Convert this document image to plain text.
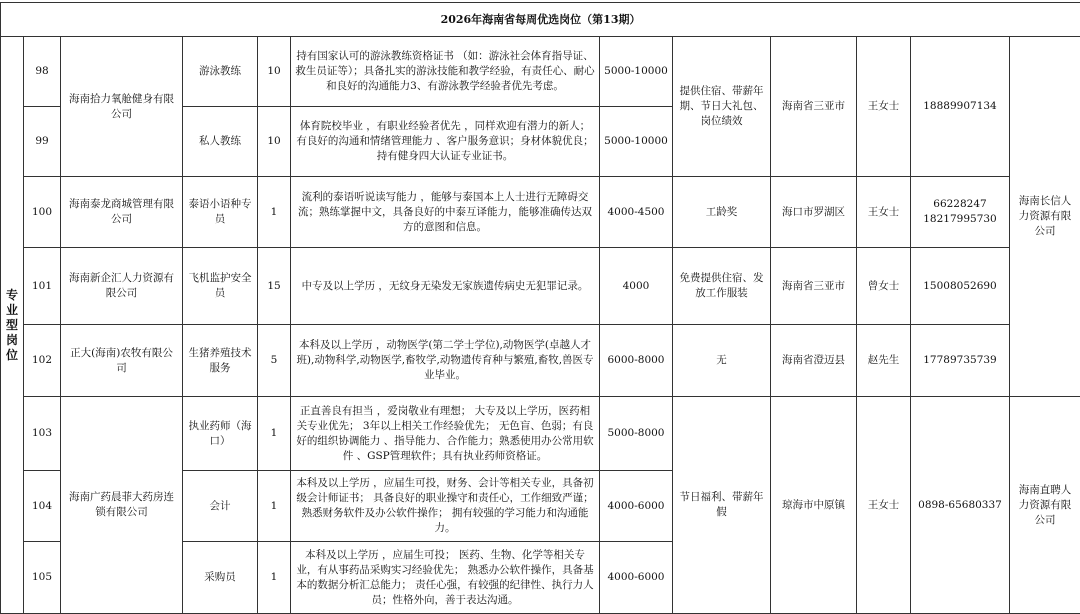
2026年海南省每周优选岗位（第13期）											

专业型岗位	98	海南拾力氧舱健身有限公司	游泳教练	10	持有国家认可的游泳教练资格证书 （如：游泳社会体育指导证、救生员证等）；具备扎实的游泳技能和教学经验，有责任心、耐心和良好的沟通能力3、有游泳教学经验者优先考虑。	5000-10000	提供住宿、带薪年期、节日大礼包、 岗位绩效	海南省三亚市	王女士	18889907134	海南长信人力资源有限公司
	99		私人教练	10	体育院校毕业 ，有职业经验者优先 ，同样欢迎有潜力的新人；有良好的沟通和情绪管理能力 、客户服务意识；身材体貌优良； 持有健身四大认证专业证书。	5000-10000					
	100	海南泰龙商城管理有限公司	泰语小语种专员	1	流利的泰语听说读写能力 ，能够与泰国本上人士进行无障碍交流；熟练掌握中文，具备良好的中泰互译能力，能够准确传达双方的意图和信息。	4000-4500	工龄奖	海口市罗湖区	王女士	66228247 18217995730	
	101	海南新企汇人力资源有限公司	飞机监护安全员	15	中专及以上学历 ，无纹身无染发无家族遗传病史无犯罪记录。	4000	免费提供住宿、发放工作服装	海南省三亚市	曾女士	15008052690	
	102	正大(海南)农牧有限公司	生猪养殖技术服务	5	本科及以上学历 ，动物医学(第二学士学位),动物医学(卓越人才班),动物科学,动物医学,畜牧学,动物遗传育种与繁殖,畜牧,兽医专业毕业。	6000-8000	无	海南省澄迈县	赵先生	17789735739	
	103	海南广药晨菲大药房连锁有限公司	执业药师（海口）	1	正直善良有担当 ，爱岗敬业有理想； 大专及以上学历，医药相关专业优先； 3年以上相关工作经验优先； 无色盲、色弱；有良好的组织协调能力 、指导能力、合作能力；熟悉使用办公常用软件 、GSP管理软件；具有执业药师资格证。	5000-8000	节日福利、带薪年假	琼海市中原镇	王女士	0898-65680337	海南直聘人力资源有限公司
	104		会计	1	本科及以上学历 ，应届生可投，财务、会计等相关专业，具备初级会计师证书； 具备良好的职业操守和责任心，工作细致严谨； 熟悉财务软件及办公软件操作； 拥有较强的学习能力和沟通能力。	4000-6000					
	105		采购员	1	本科及以上学历 ，应届生可投； 医药、生物、化学等相关专业，有从事药品采购实习经验优先； 熟悉办公软件操作，具备基本的数据分析汇总能力； 责任心强，有较强的纪律性、执行力人员；性格外向，善于表达沟通。	4000-6000					
